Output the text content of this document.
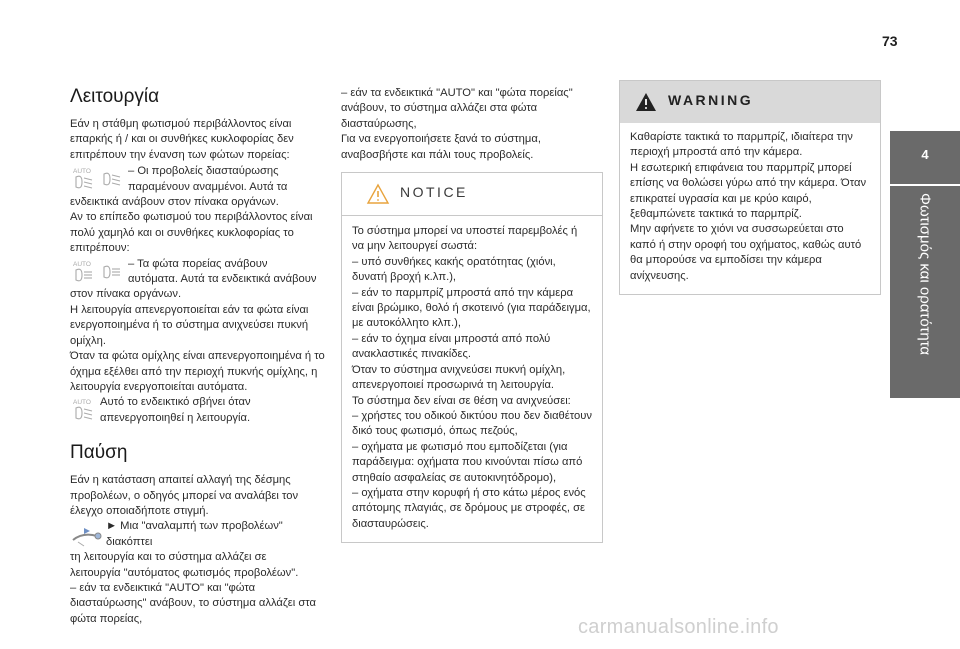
73
4
Φωτισμός και ορατότητα
Λειτουργία

Εάν η στάθμη φωτισμού περιβάλλοντος είναι επαρκής ή / και οι συνθήκες κυκλοφορίας δεν επιτρέπουν την ένανση των φώτων πορείας:

AUTO	– Οι προβολείς διασταύρωσης

παραμένουν αναμμένοι. Αυτά τα

ενδεικτικά ανάβουν στον πίνακα οργάνων.

Αν το επίπεδο φωτισμού του περιβάλλοντος είναι πολύ χαμηλό και οι συνθήκες κυκλοφορίας το επιτρέπουν:

AUTO	– Τα φώτα πορείας ανάβουν

αυτόματα. Αυτά τα ενδεικτικά ανάβουν

στον πίνακα οργάνων.

Η λειτουργία απενεργοποιείται εάν τα φώτα είναι ενεργοποιημένα ή το σύστημα ανιχνεύσει πυκνή ομίχλη.

Όταν τα φώτα ομίχλης είναι απενεργοποιημένα ή το όχημα εξέλθει από την περιοχή πυκνής ομίχλης, η λειτουργία ενεργοποιείται αυτόματα.

AUTO Αυτό το ενδεικτικό σβήνει όταν

απενεργοποιηθεί η λειτουργία.

Παύση

Εάν η κατάσταση απαιτεί αλλαγή της δέσμης προβολέων, ο οδηγός μπορεί να αναλάβει τον έλεγχο οποιαδήποτε στιγμή.

► Μια "αναλαμπή των προβολέων" διακόπτει

τη λειτουργία και το σύστημα αλλάζει σε

λειτουργία "αυτόματος φωτισμός προβολέων".

– εάν τα ενδεικτικά "AUTO" και "φώτα διασταύρωσης" ανάβουν, το σύστημα αλλάζει στα φώτα πορείας,

– εάν τα ενδεικτικά "AUTO" και "φώτα πορείας" ανάβουν, το σύστημα αλλάζει στα φώτα διασταύρωσης,

Για να ενεργοποιήσετε ξανά το σύστημα, αναβοσβήστε και πάλι τους προβολείς.

NOTICE

Το σύστημα μπορεί να υποστεί παρεμβολές ή να μην λειτουργεί σωστά:

– υπό συνθήκες κακής ορατότητας (χιόνι, δυνατή βροχή κ.λπ.),

– εάν το παρμπρίζ μπροστά από την κάμερα είναι βρώμικο, θολό ή σκοτεινό (για παράδειγμα, με αυτοκόλλητο κλπ.),

– εάν το όχημα είναι μπροστά από πολύ ανακλαστικές πινακίδες.

Όταν το σύστημα ανιχνεύσει πυκνή ομίχλη, απενεργοποιεί προσωρινά τη λειτουργία.

Το σύστημα δεν είναι σε θέση να ανιχνεύσει:

– χρήστες του οδικού δικτύου που δεν διαθέτουν δικό τους φωτισμό, όπως πεζούς,

– οχήματα με φωτισμό που εμποδίζεται (για παράδειγμα: οχήματα που κινούνται πίσω από στηθαίο ασφαλείας σε αυτοκινητόδρομο),

– οχήματα στην κορυφή ή στο κάτω μέρος ενός απότομης πλαγιάς, σε δρόμους με στροφές, σε διασταυρώσεις.

WARNING

Καθαρίστε τακτικά το παρμπρίζ, ιδιαίτερα την περιοχή μπροστά από την κάμερα.

Η εσωτερική επιφάνεια του παρμπρίζ μπορεί επίσης να θολώσει γύρω από την κάμερα. Όταν επικρατεί υγρασία και με κρύο καιρό, ξεθαμπώνετε τακτικά το παρμπρίζ.

Μην αφήνετε το χιόνι να συσσωρεύεται στο καπό ή στην οροφή του οχήματος, καθώς αυτό θα μπορούσε να εμποδίσει την κάμερα ανίχνευσης.

carmanualsonline.info
